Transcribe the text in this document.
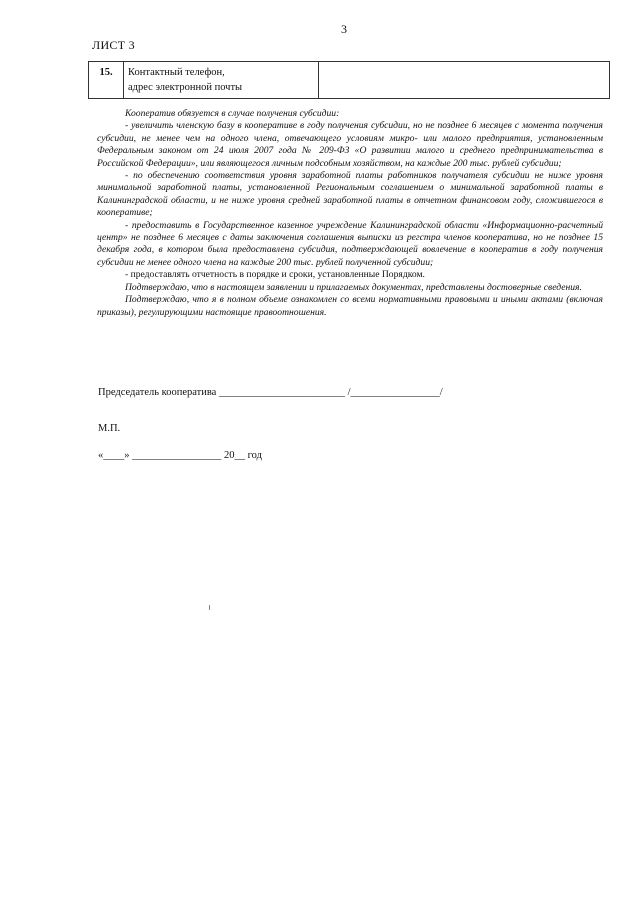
3
ЛИСТ 3
15.	Контактный телефон,
адрес электронной почты

Кооператив обязуется в случае получения субсидии:

- увеличить членскую базу в кооперативе в году получения субсидии, но не позднее 6 месяцев с момента получения субсидии, не менее чем на одного члена, отвечающего условиям микро- или малого предприятия, установленным Федеральным законом от 24 июля 2007 года № 209-ФЗ «О развитии малого и среднего предпринимательства в Российской Федерации», или являющегося личным подсобным хозяйством, на каждые 200 тыс. рублей субсидии;

- по обеспечению соответствия уровня заработной платы работников получателя субсидии не ниже уровня минимальной заработной платы, установленной Региональным соглашением о минимальной заработной платы в Калининградской области, и не ниже уровня средней заработной платы в отчетном финансовом году, сложившегося в кооперативе;

- предоставить в Государственное казенное учреждение Калининградской области «Информационно-расчетный центр» не позднее 6 месяцев с даты заключения соглашения выписки из регстра членов кооператива, но не позднее 15 декабря года, в котором была предоставлена субсидия, подтверждающей вовлечение в кооператив в году получения субсидии не менее одного члена на каждые 200 тыс. рублей полученной субсидии;

- предоставлять отчетность в порядке и сроки, установленные Порядком.

Подтверждаю, что в настоящем заявлении и прилагаемых документах, представлены достоверные сведения.

Подтверждаю, что я в полном объеме ознакомлен со всеми нормативными правовыми и иными актами (включая приказы), регулирующими настоящие правоотношения.

Председатель кооператива ________________________ /_________________/
М.П.
«____» _________________ 20__ год
